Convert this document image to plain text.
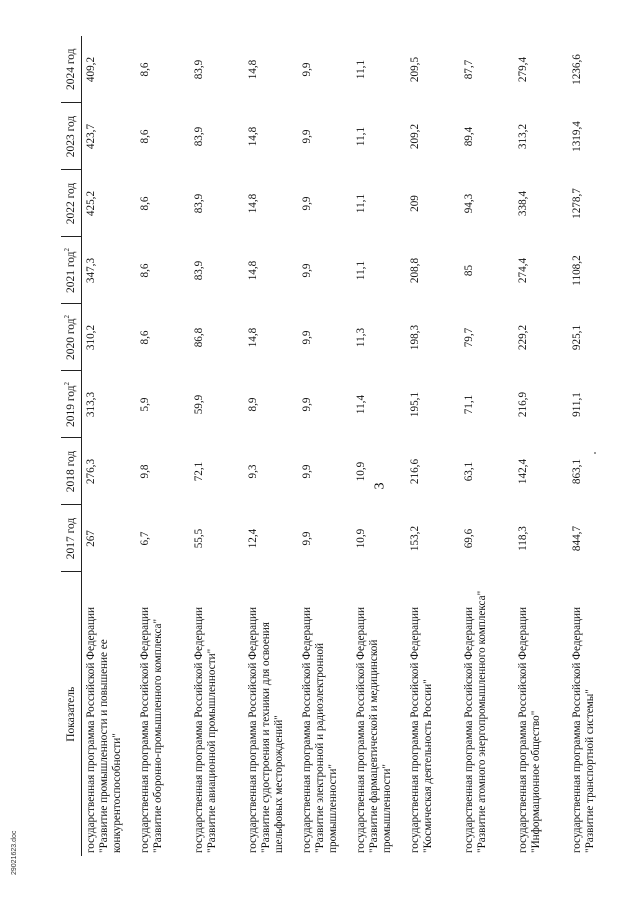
Показатель	2017 год	2018 год	2019 год$^2$	2020 год$^2$	2021 год$^2$	2022 год	2023 год	2024 год
государственная программа Российской Федерации "Развитие промышленности и повышение ее конкурентоспособности"	267	276,3	313,3	310,2	347,3	425,2	423,7	409,2
государственная программа Российской Федерации "Развитие оборонно-промышленного комплекса"	6,7	9,8	5,9	8,6	8,6	8,6	8,6	8,6
государственная программа Российской Федерации "Развитие авиационной промышленности"	55,5	72,1	59,9	86,8	83,9	83,9	83,9	83,9
государственная программа Российской Федерации "Развитие судостроения и техники для освоения шельфовых месторождений"	12,4	9,3	8,9	14,8	14,8	14,8	14,8	14,8
государственная программа Российской Федерации "Развитие электронной и радиоэлектронной промышленности"	9,9	9,9	9,9	9,9	9,9	9,9	9,9	9,9
государственная программа Российской Федерации "Развитие фармацевтической и медицинской промышленности"	10,9	10,9	11,4	11,3	11,1	11,1	11,1	11,1
государственная программа Российской Федерации "Космическая деятельность России"	153,2	216,6	195,1	198,3	208,8	209	209,2	209,5
государственная программа Российской Федерации "Развитие атомного энергопромышленного комплекса"	69,6	63,1	71,1	79,7	85	94,3	89,4	87,7
государственная программа Российской Федерации "Информационное общество"	118,3	142,4	216,9	229,2	274,4	338,4	313,2	279,4
государственная программа Российской Федерации "Развитие транспортной системы"	844,7	863,1	911,1	925,1	1108,2	1278,7	1319,4	1236,6
3
29021623.doc
